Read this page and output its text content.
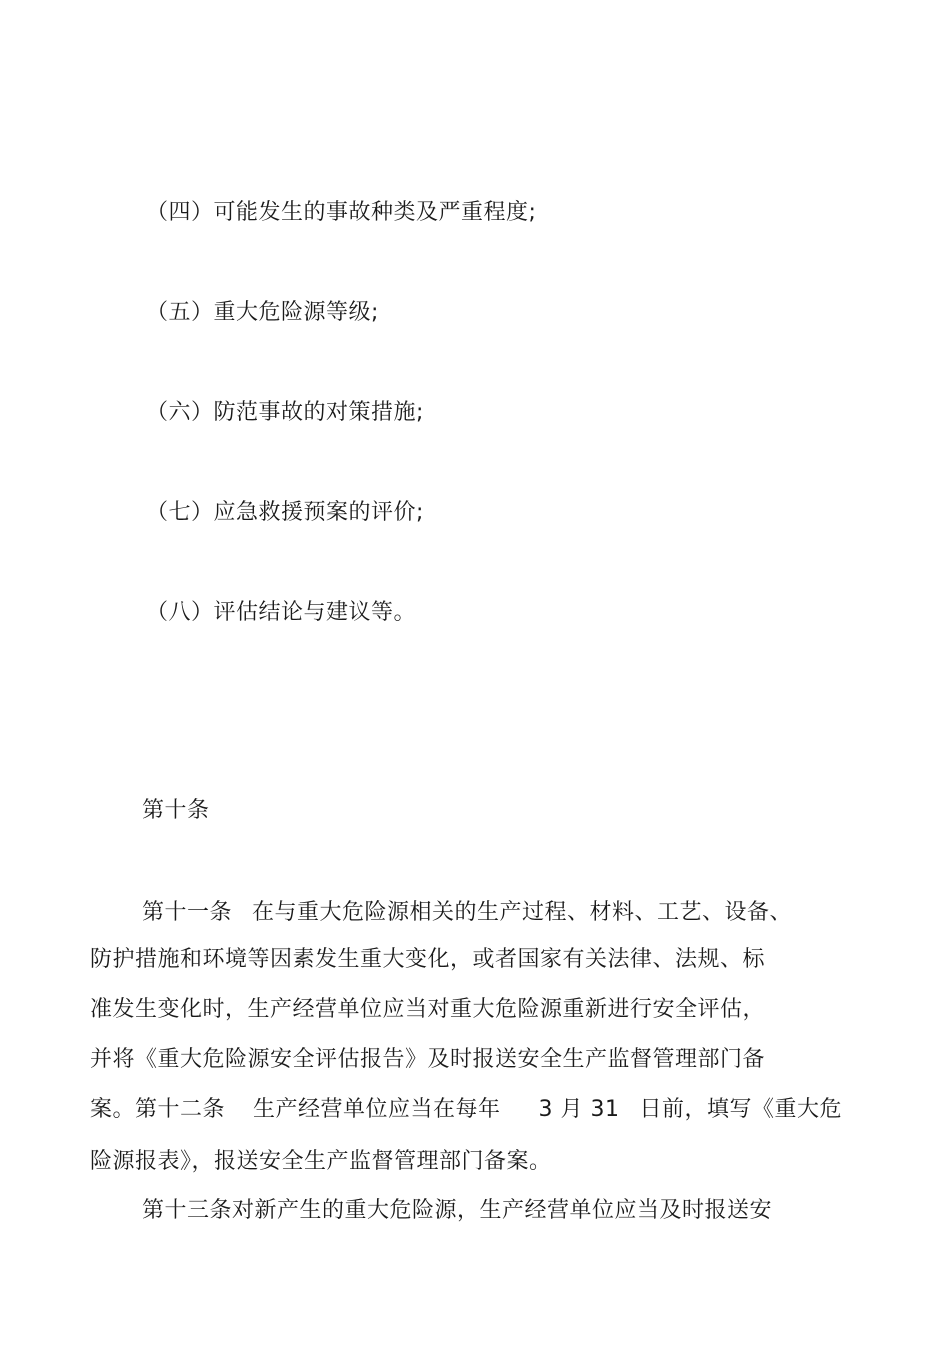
（四）可能发生的事故种类及严重程度;
（五）重大危险源等级;
（六）防范事故的对策措施;
（七）应急救援预案的评价;
（八）评估结论与建议等。
第十条
第十一条 在与重大危险源相关的生产过程、材料、工艺、设备、
防护措施和环境等因素发生重大变化，或者国家有关法律、法规、标
准发生变化时，生产经营单位应当对重大危险源重新进行安全评估，
并将《重大危险源安全评估报告》及时报送安全生产监督管理部门备
案。第十二条 生产经营单位应当在每年 3 月 31 日前，填写《重大危
险源报表》，报送安全生产监督管理部门备案。
第十三条对新产生的重大危险源，生产经营单位应当及时报送安
